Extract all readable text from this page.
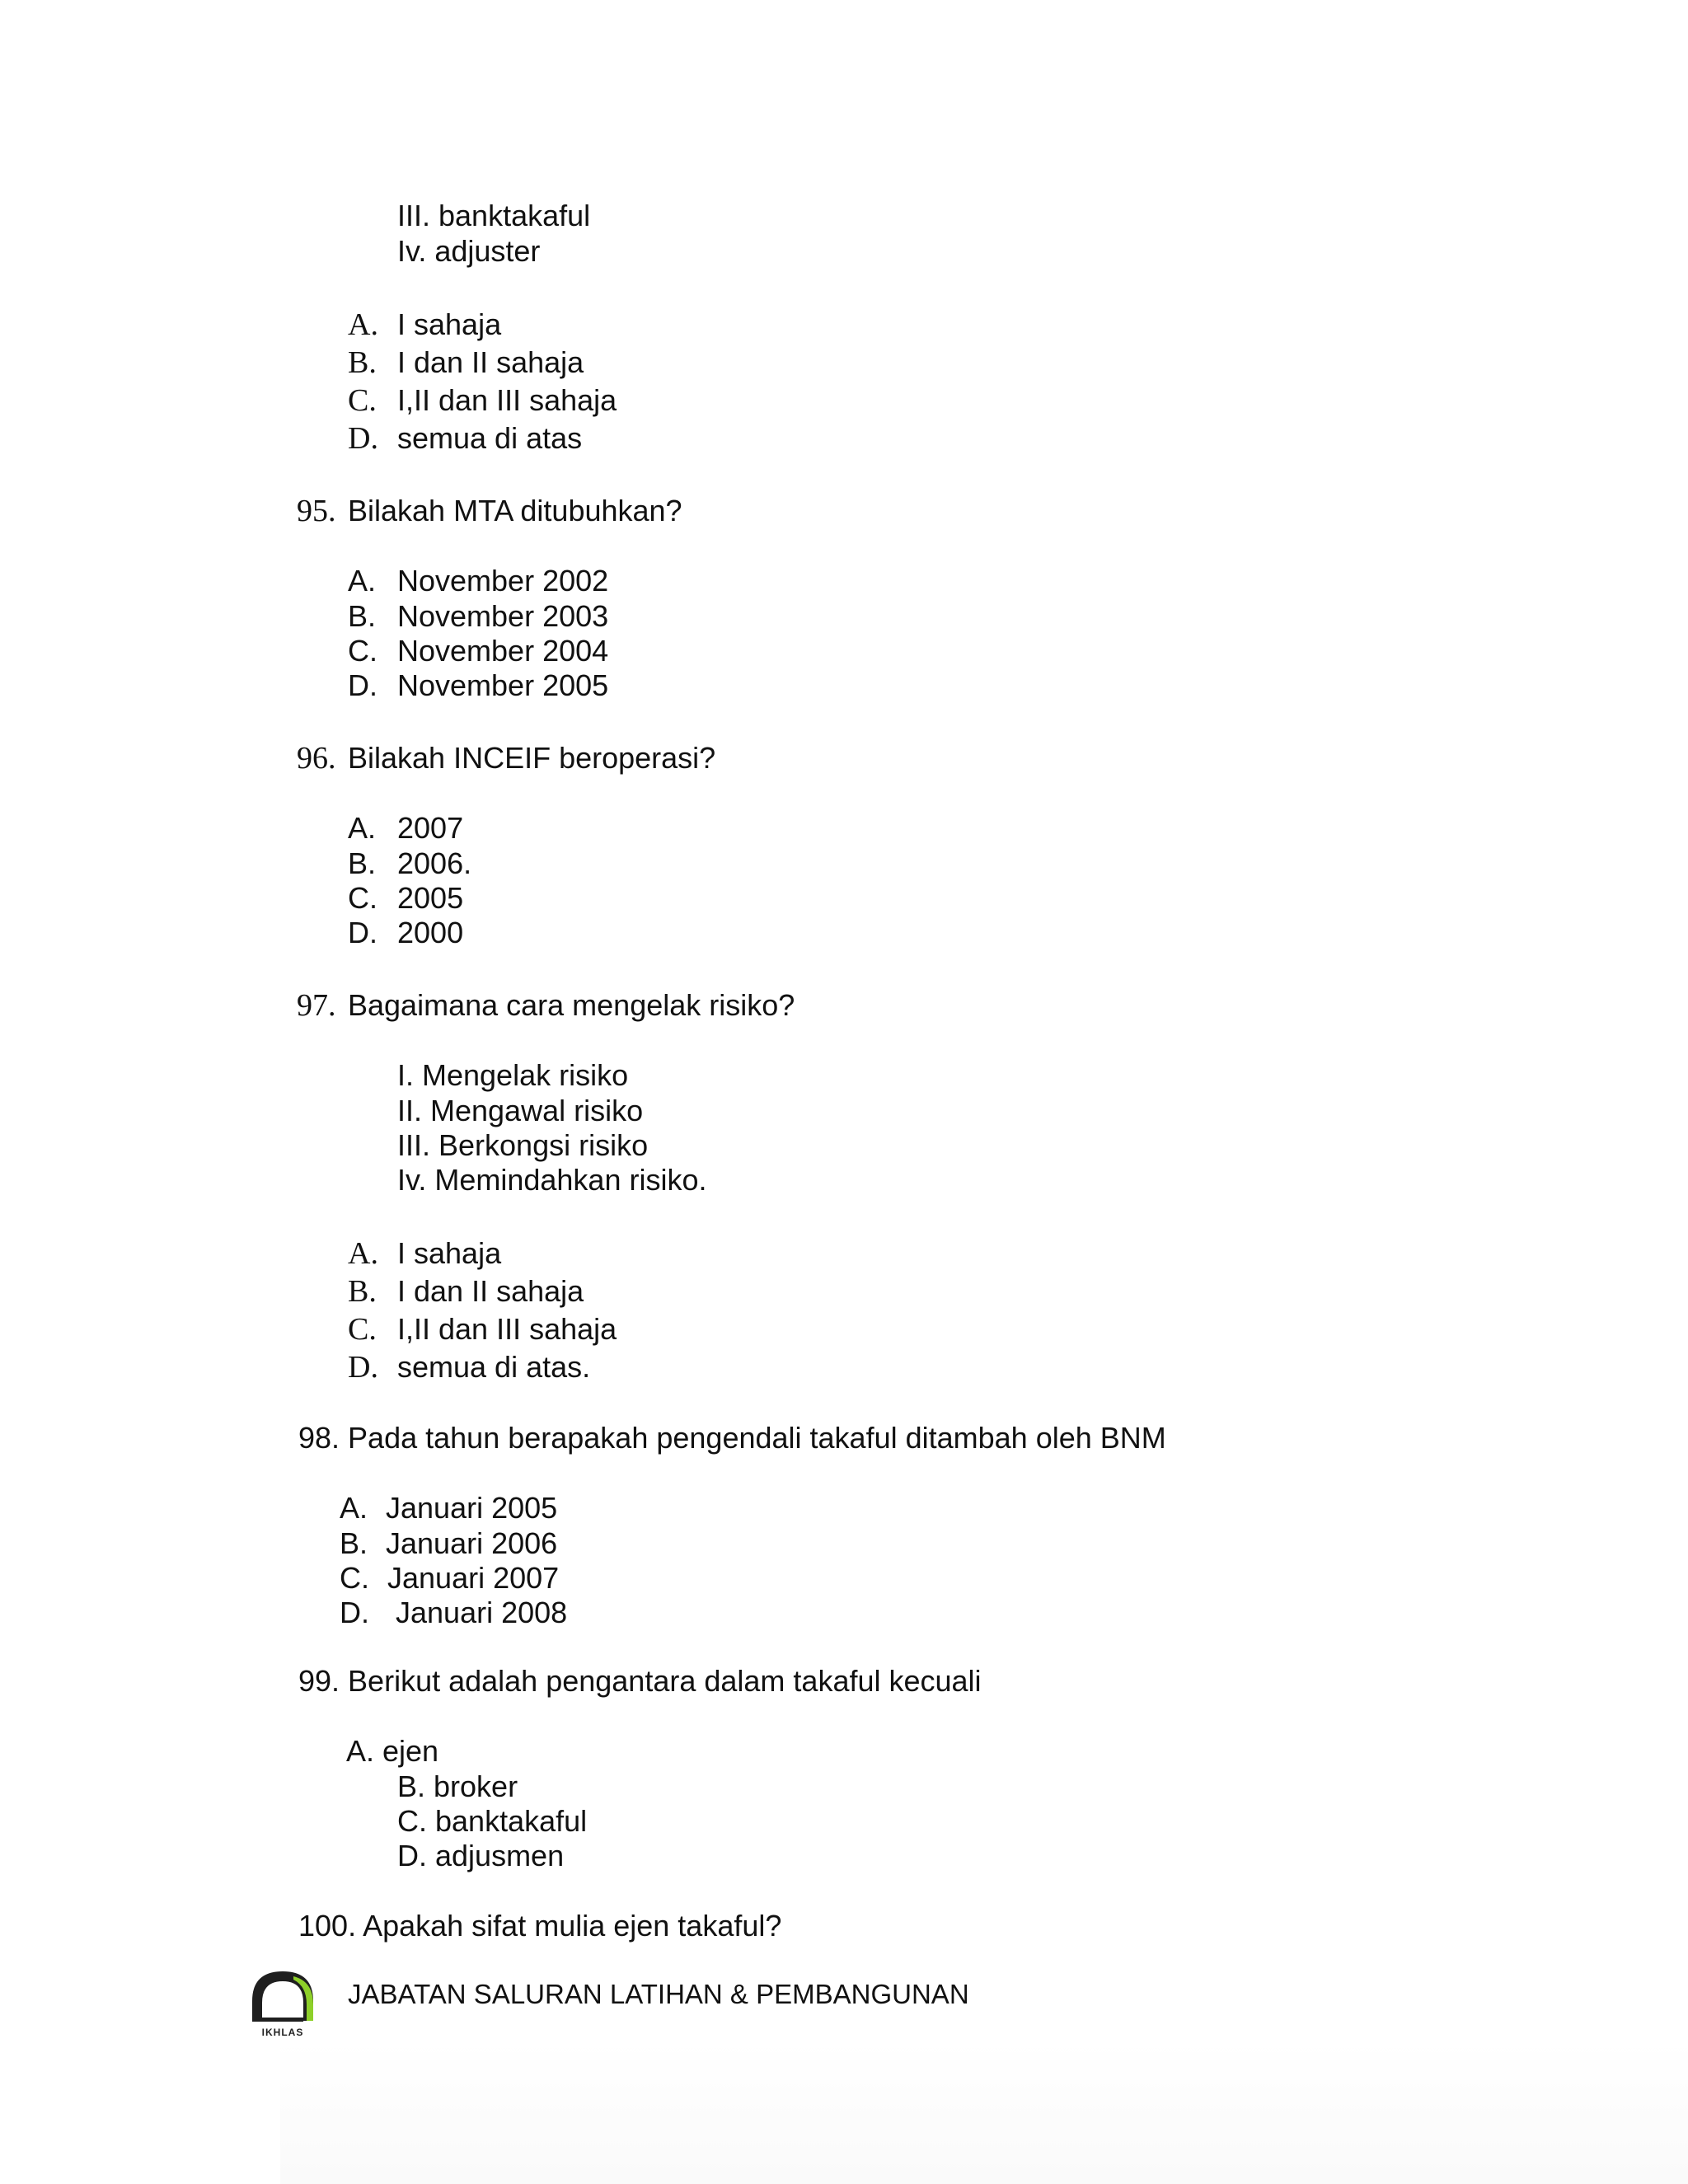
III. banktakaful
Iv. adjuster
A. I sahaja
B. I dan II sahaja
C. I,II dan III sahaja
D. semua di atas
95. Bilakah MTA ditubuhkan?
A. November 2002
B. November 2003
C. November 2004
D. November 2005
96. Bilakah INCEIF beroperasi?
A. 2007
B. 2006.
C. 2005
D. 2000
97. Bagaimana cara mengelak risiko?
I. Mengelak risiko
II. Mengawal risiko
III. Berkongsi risiko
Iv. Memindahkan risiko.
A. I sahaja
B. I dan II sahaja
C. I,II dan III sahaja
D. semua di atas.
98. Pada tahun berapakah pengendali takaful ditambah oleh BNM
A. Januari 2005
B. Januari 2006
C. Januari 2007
D. Januari 2008
99. Berikut adalah pengantara dalam takaful kecuali
A. ejen
B. broker
C. banktakaful
D. adjusmen
100. Apakah sifat mulia ejen takaful?
IKHLAS
JABATAN SALURAN LATIHAN & PEMBANGUNAN
